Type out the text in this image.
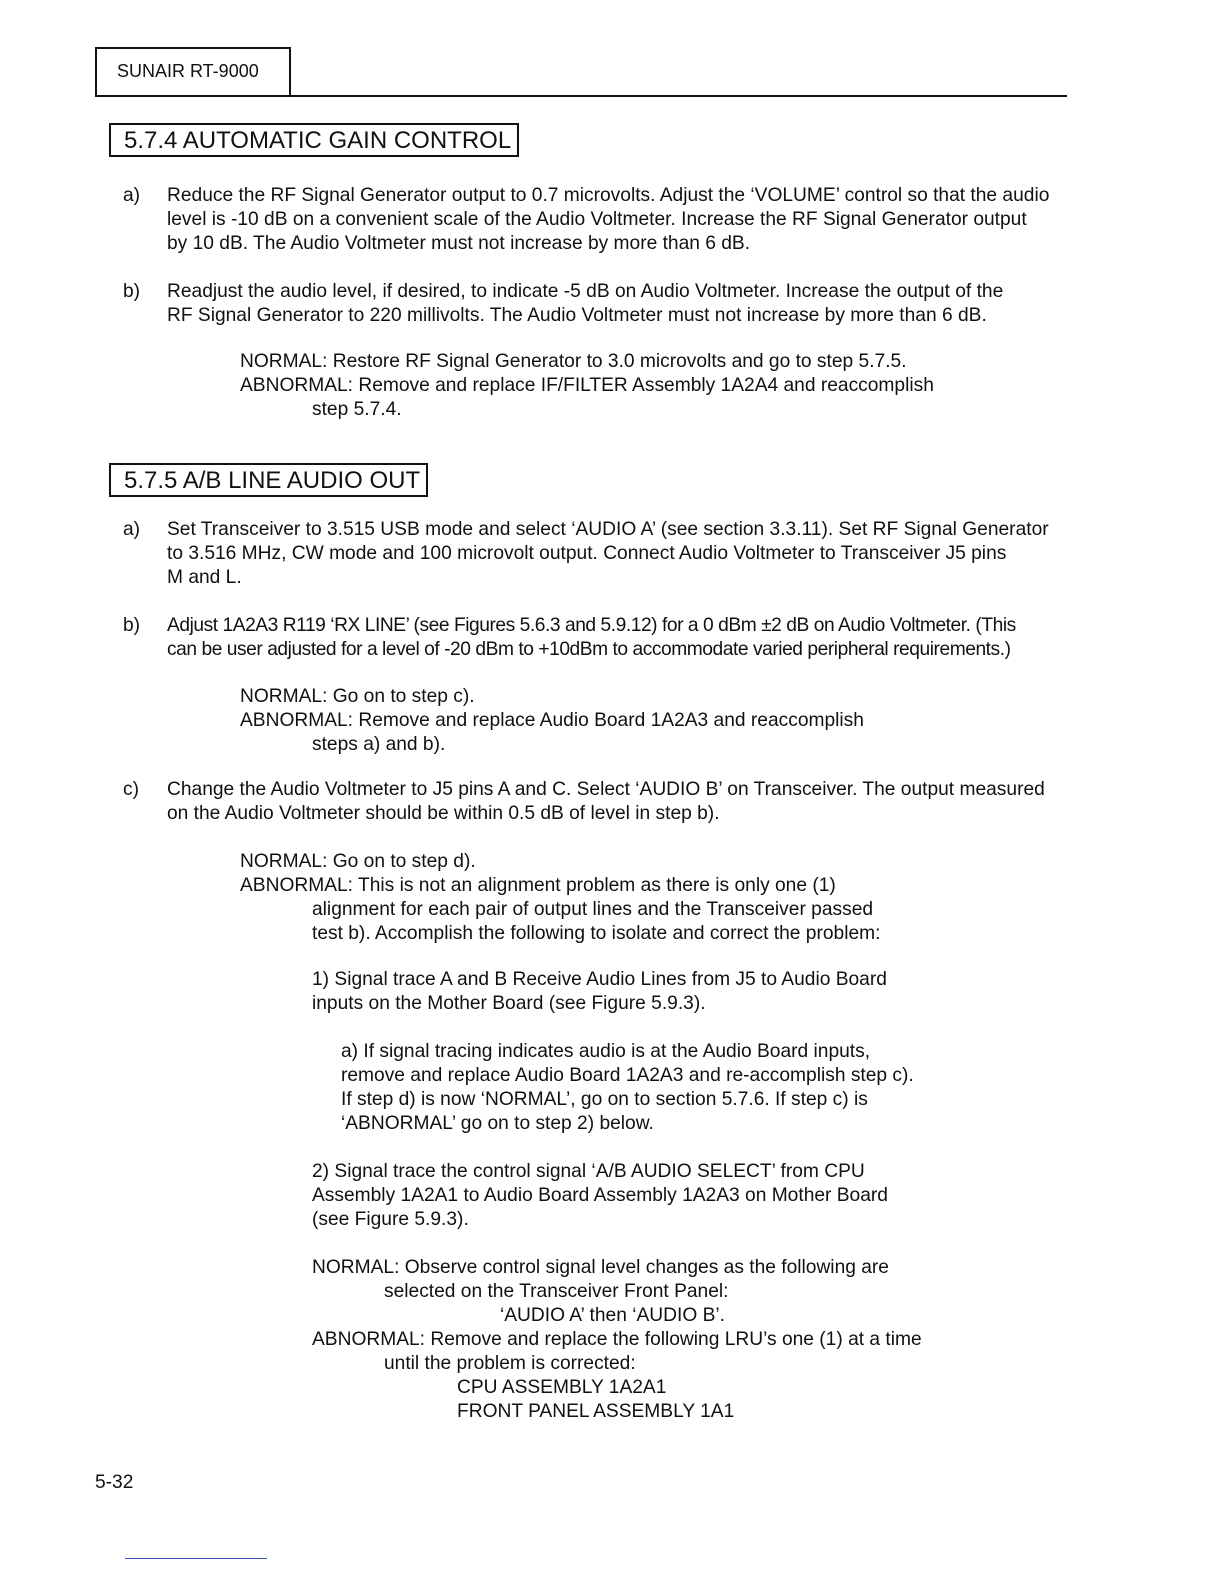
SUNAIR RT-9000
5.7.4 AUTOMATIC GAIN CONTROL
a) Reduce the RF Signal Generator output to 0.7 microvolts. Adjust the ‘VOLUME’ control so that the audio
level is -10 dB on a convenient scale of the Audio Voltmeter. Increase the RF Signal Generator output
by 10 dB. The Audio Voltmeter must not increase by more than 6 dB.
b) Readjust the audio level, if desired, to indicate -5 dB on Audio Voltmeter. Increase the output of the
RF Signal Generator to 220 millivolts. The Audio Voltmeter must not increase by more than 6 dB.
NORMAL: Restore RF Signal Generator to 3.0 microvolts and go to step 5.7.5.
ABNORMAL: Remove and replace IF/FILTER Assembly 1A2A4 and reaccomplish
step 5.7.4.
5.7.5 A/B LINE AUDIO OUT
a) Set Transceiver to 3.515 USB mode and select ‘AUDIO A’ (see section 3.3.11). Set RF Signal Generator
to 3.516 MHz, CW mode and 100 microvolt output. Connect Audio Voltmeter to Transceiver J5 pins
M and L.
b) Adjust 1A2A3 R119 ‘RX LINE’ (see Figures 5.6.3 and 5.9.12) for a 0 dBm ±2 dB on Audio Voltmeter. (This
can be user adjusted for a level of -20 dBm to +10dBm to accommodate varied peripheral requirements.)
NORMAL: Go on to step c).
ABNORMAL: Remove and replace Audio Board 1A2A3 and reaccomplish
steps a) and b).
c) Change the Audio Voltmeter to J5 pins A and C. Select ‘AUDIO B’ on Transceiver. The output measured
on the Audio Voltmeter should be within 0.5 dB of level in step b).
NORMAL: Go on to step d).
ABNORMAL: This is not an alignment problem as there is only one (1)
alignment for each pair of output lines and the Transceiver passed
test b). Accomplish the following to isolate and correct the problem:
1) Signal trace A and B Receive Audio Lines from J5 to Audio Board
inputs on the Mother Board (see Figure 5.9.3).
a) If signal tracing indicates audio is at the Audio Board inputs,
remove and replace Audio Board 1A2A3 and re-accomplish step c).
If step d) is now ‘NORMAL’, go on to section 5.7.6. If step c) is
‘ABNORMAL’ go on to step 2) below.
2) Signal trace the control signal ‘A/B AUDIO SELECT’ from CPU
Assembly 1A2A1 to Audio Board Assembly 1A2A3 on Mother Board
(see Figure 5.9.3).
NORMAL: Observe control signal level changes as the following are
selected on the Transceiver Front Panel:
‘AUDIO A’ then ‘AUDIO B’.
ABNORMAL: Remove and replace the following LRU’s one (1) at a time
until the problem is corrected:
CPU ASSEMBLY 1A2A1
FRONT PANEL ASSEMBLY 1A1
5-32
